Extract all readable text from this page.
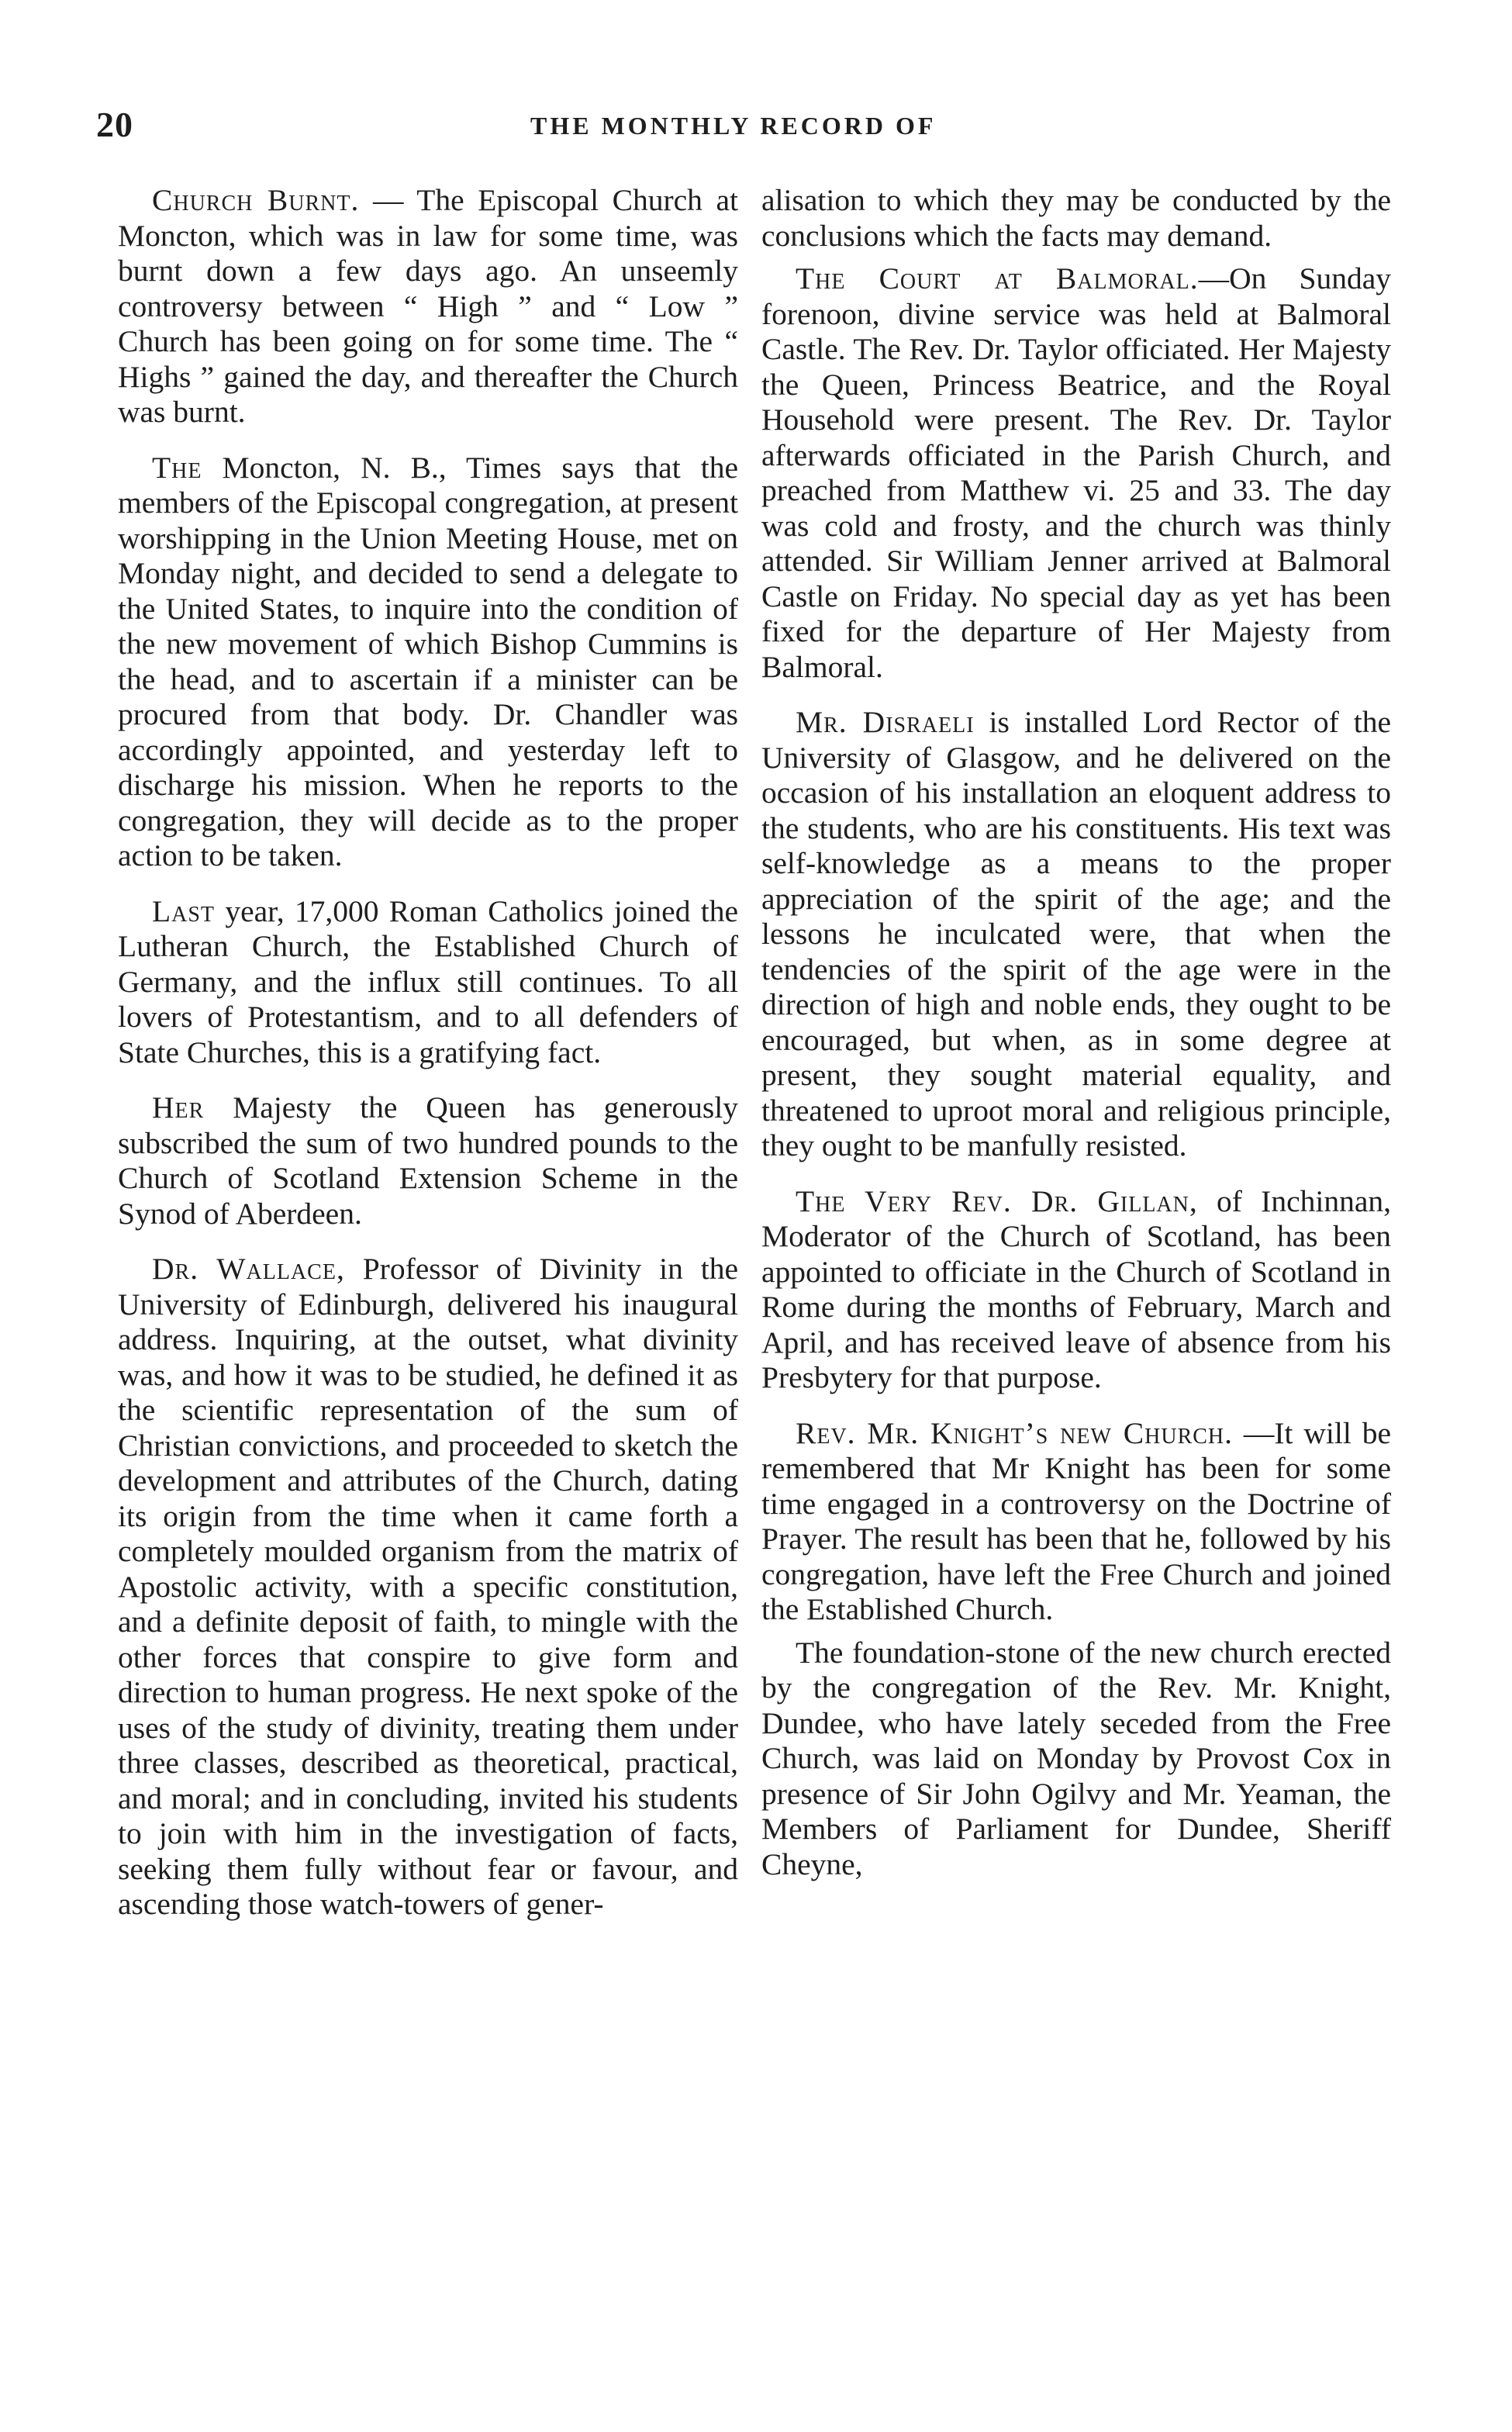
20	THE MONTHLY RECORD OF

Church Burnt. — The Episcopal Church at Moncton, which was in law for some time, was burnt down a few days ago. An unseemly controversy between “ High ” and “ Low ” Church has been going on for some time. The “ Highs ” gained the day, and thereafter the Church was burnt.

The Moncton, N. B., Times says that the members of the Episcopal congregation, at present worshipping in the Union Meeting House, met on Monday night, and decided to send a delegate to the United States, to inquire into the condition of the new movement of which Bishop Cummins is the head, and to ascertain if a minister can be procured from that body. Dr. Chandler was accordingly appointed, and yesterday left to discharge his mission. When he reports to the congregation, they will decide as to the proper action to be taken.

Last year, 17,000 Roman Catholics joined the Lutheran Church, the Established Church of Germany, and the influx still continues. To all lovers of Protestantism, and to all defenders of State Churches, this is a gratifying fact.

Her Majesty the Queen has generously subscribed the sum of two hundred pounds to the Church of Scotland Extension Scheme in the Synod of Aberdeen.

Dr. Wallace, Professor of Divinity in the University of Edinburgh, delivered his inaugural address. Inquiring, at the outset, what divinity was, and how it was to be studied, he defined it as the scientific representation of the sum of Christian convictions, and proceeded to sketch the development and attributes of the Church, dating its origin from the time when it came forth a completely moulded organism from the matrix of Apostolic activity, with a specific constitution, and a definite deposit of faith, to mingle with the other forces that conspire to give form and direction to human progress. He next spoke of the uses of the study of divinity, treating them under three classes, described as theoretical, practical, and moral; and in concluding, invited his students to join with him in the investigation of facts, seeking them fully without fear or favour, and ascending those watch-towers of gener-

alisation to which they may be conducted by the conclusions which the facts may demand.

The Court at Balmoral.—On Sunday forenoon, divine service was held at Balmoral Castle. The Rev. Dr. Taylor officiated. Her Majesty the Queen, Princess Beatrice, and the Royal Household were present. The Rev. Dr. Taylor afterwards officiated in the Parish Church, and preached from Matthew vi. 25 and 33. The day was cold and frosty, and the church was thinly attended. Sir William Jenner arrived at Balmoral Castle on Friday. No special day as yet has been fixed for the departure of Her Majesty from Balmoral.

Mr. Disraeli is installed Lord Rector of the University of Glasgow, and he delivered on the occasion of his installation an eloquent address to the students, who are his constituents. His text was self-knowledge as a means to the proper appreciation of the spirit of the age; and the lessons he inculcated were, that when the tendencies of the spirit of the age were in the direction of high and noble ends, they ought to be encouraged, but when, as in some degree at present, they sought material equality, and threatened to uproot moral and religious principle, they ought to be manfully resisted.

The Very Rev. Dr. Gillan, of Inchinnan, Moderator of the Church of Scotland, has been appointed to officiate in the Church of Scotland in Rome during the months of February, March and April, and has received leave of absence from his Presbytery for that purpose.

Rev. Mr. Knight’s new Church. —It will be remembered that Mr Knight has been for some time engaged in a controversy on the Doctrine of Prayer. The result has been that he, followed by his congregation, have left the Free Church and joined the Established Church.

The foundation-stone of the new church erected by the congregation of the Rev. Mr. Knight, Dundee, who have lately seceded from the Free Church, was laid on Monday by Provost Cox in presence of Sir John Ogilvy and Mr. Yeaman, the Members of Parliament for Dundee, Sheriff Cheyne,
